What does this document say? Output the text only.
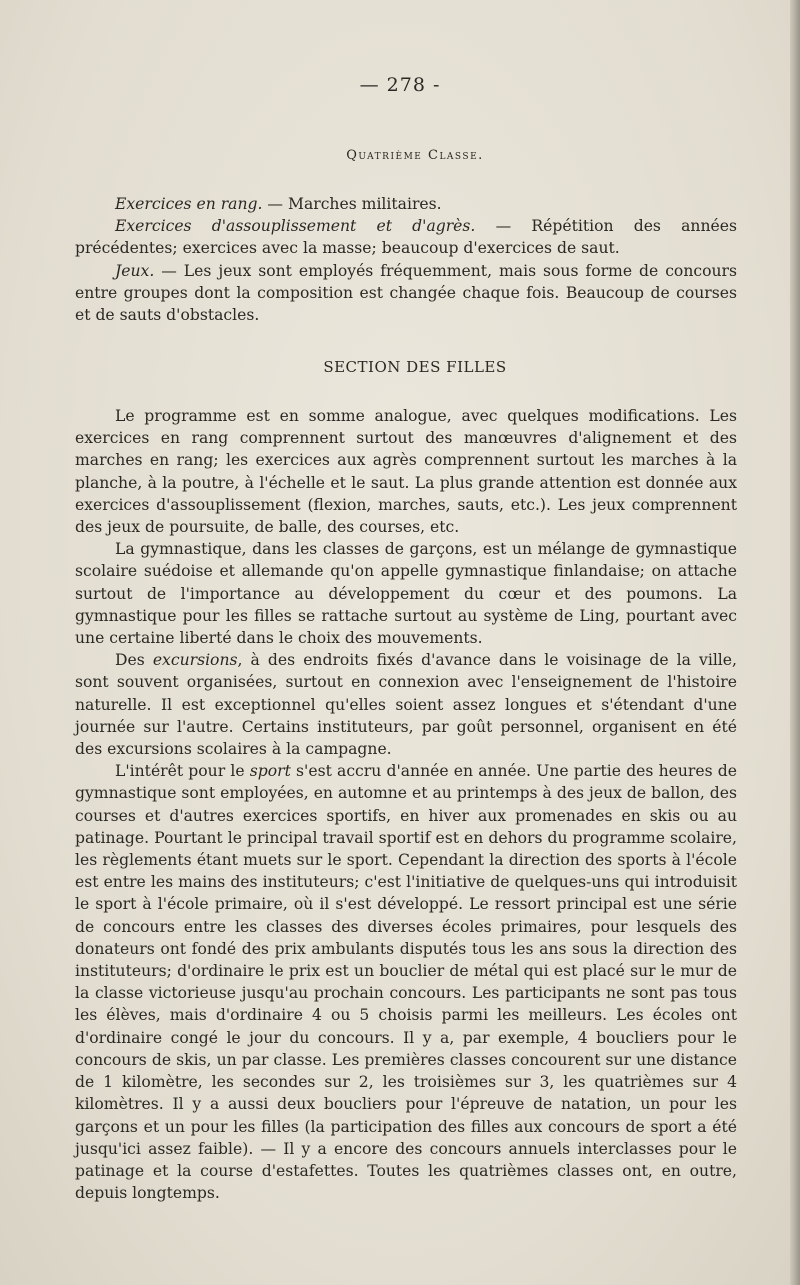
— 278 -
Quatrième Classe.

Exercices en rang. — Marches militaires.

Exercices d'assouplissement et d'agrès. — Répétition des années précédentes; exercices avec la masse; beaucoup d'exercices de saut.

Jeux. — Les jeux sont employés fréquemment, mais sous forme de concours entre groupes dont la composition est changée chaque fois. Beaucoup de courses et de sauts d'obstacles.

SECTION DES FILLES

Le programme est en somme analogue, avec quelques modifications. Les exercices en rang comprennent surtout des manœuvres d'alignement et des marches en rang; les exercices aux agrès comprennent surtout les marches à la planche, à la poutre, à l'échelle et le saut. La plus grande attention est donnée aux exercices d'assouplissement (flexion, marches, sauts, etc.). Les jeux comprennent des jeux de poursuite, de balle, des courses, etc.

La gymnastique, dans les classes de garçons, est un mélange de gymnastique scolaire suédoise et allemande qu'on appelle gymnastique finlandaise; on attache surtout de l'importance au développement du cœur et des poumons. La gymnastique pour les filles se rattache surtout au système de Ling, pourtant avec une certaine liberté dans le choix des mouvements.

Des excursions, à des endroits fixés d'avance dans le voisinage de la ville, sont souvent organisées, surtout en connexion avec l'enseignement de l'histoire naturelle. Il est exceptionnel qu'elles soient assez longues et s'étendant d'une journée sur l'autre. Certains instituteurs, par goût personnel, organisent en été des excursions scolaires à la campagne.

L'intérêt pour le sport s'est accru d'année en année. Une partie des heures de gymnastique sont employées, en automne et au printemps à des jeux de ballon, des courses et d'autres exercices sportifs, en hiver aux promenades en skis ou au patinage. Pourtant le principal travail sportif est en dehors du programme scolaire, les règlements étant muets sur le sport. Cependant la direction des sports à l'école est entre les mains des instituteurs; c'est l'initiative de quelques-uns qui introduisit le sport à l'école primaire, où il s'est développé. Le ressort principal est une série de concours entre les classes des diverses écoles primaires, pour lesquels des donateurs ont fondé des prix ambulants disputés tous les ans sous la direction des instituteurs; d'ordinaire le prix est un bouclier de métal qui est placé sur le mur de la classe victorieuse jusqu'au prochain concours. Les participants ne sont pas tous les élèves, mais d'ordinaire 4 ou 5 choisis parmi les meilleurs. Les écoles ont d'ordinaire congé le jour du concours. Il y a, par exemple, 4 boucliers pour le concours de skis, un par classe. Les premières classes concourent sur une distance de 1 kilomètre, les secondes sur 2, les troisièmes sur 3, les quatrièmes sur 4 kilomètres. Il y a aussi deux boucliers pour l'épreuve de natation, un pour les garçons et un pour les filles (la participation des filles aux concours de sport a été jusqu'ici assez faible). — Il y a encore des concours annuels interclasses pour le patinage et la course d'estafettes. Toutes les quatrièmes classes ont, en outre, depuis longtemps.
